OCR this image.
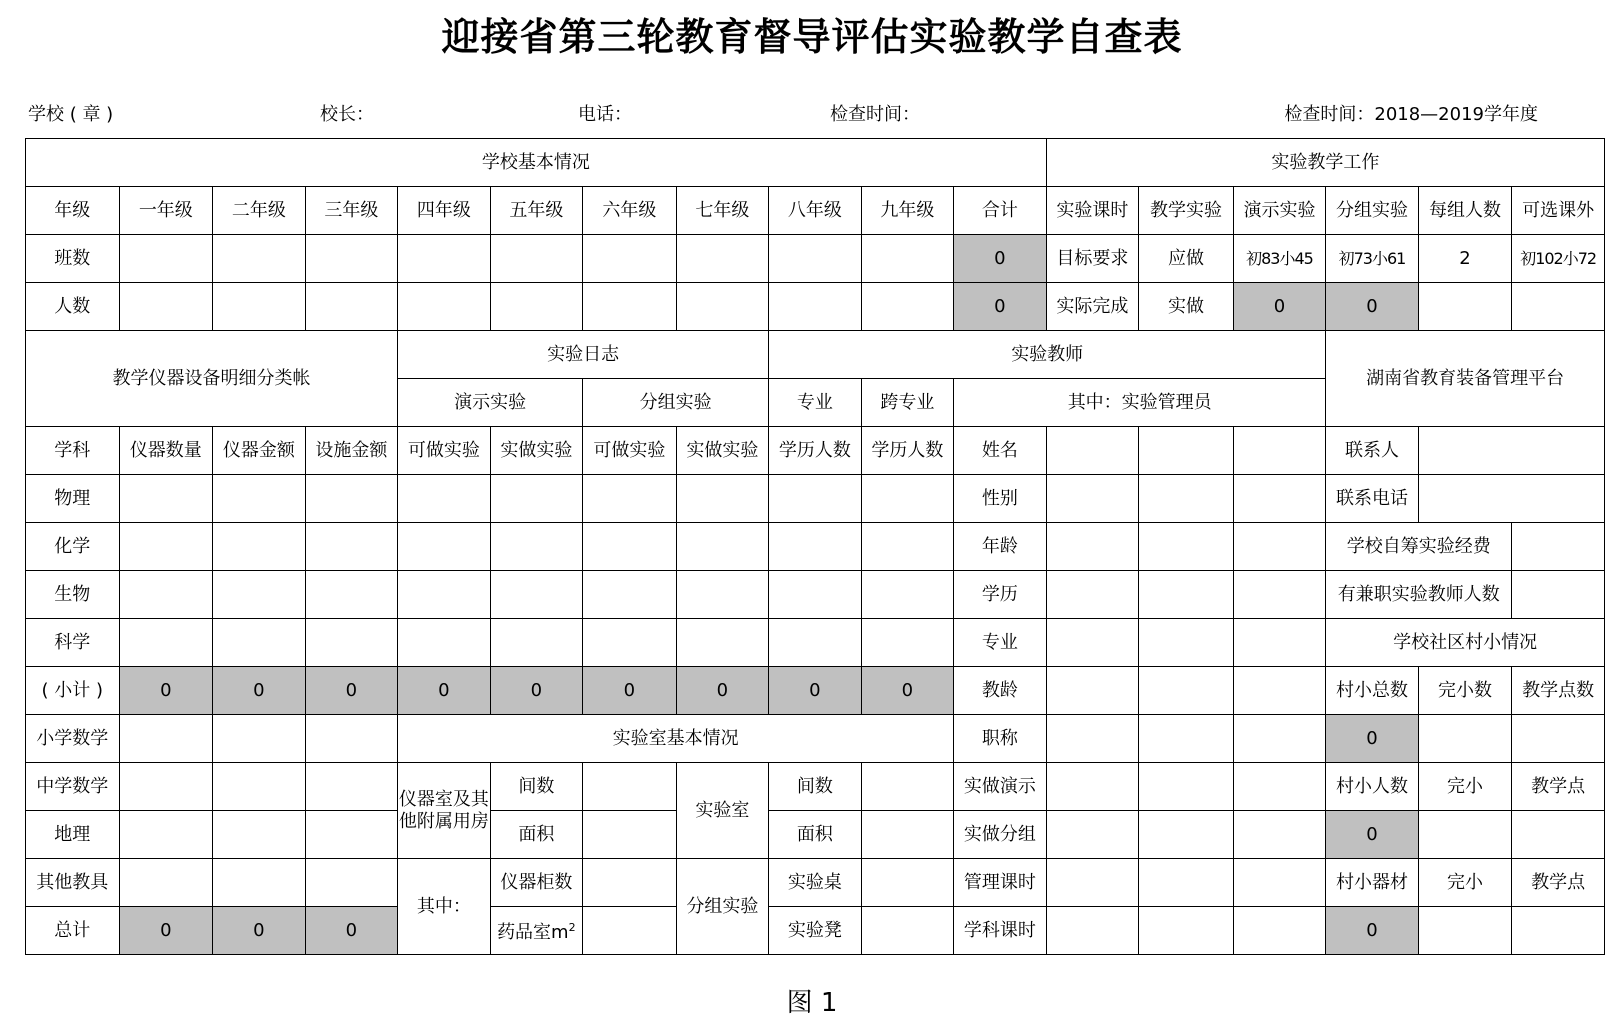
迎接省第三轮教育督导评估实验教学自查表
学校 ( 章 )	校长：	电话：	检查时间：	检查时间：2018—2019学年度
学校基本情况											实验教学工作					
年级	一年级	二年级	三年级	四年级	五年级	六年级	七年级	八年级	九年级	合计	实验课时	教学实验	演示实验	分组实验	每组人数	可选课外
班数										0	目标要求	应做	初83小45	初73小61	2	初102小72
人数										0	实际完成	实做	0	0		
教学仪器设备明细分类帐				实验日志				实验教师						湖南省教育装备管理平台		
				演示实验		分组实验		专业	跨专业	其中：实验管理员						
学科	仪器数量	仪器金额	设施金额	可做实验	实做实验	可做实验	实做实验	学历人数	学历人数	姓名				联系人		
物理										性别				联系电话		
化学										年龄				学校自筹实验经费		
生物										学历				有兼职实验教师人数		
科学										专业				学校社区村小情况		
( 小计 )	0	0	0	0	0	0	0	0	0	教龄				村小总数	完小数	教学点数
小学数学				实验室基本情况						职称				0		
中学数学				仪器室及其他附属用房	间数		实验室	间数		实做演示				村小人数	完小	教学点
地理					面积			面积		实做分组				0		
其他教具				其中：	仪器柜数		分组实验	实验桌		管理课时				村小器材	完小	教学点
总计	0	0	0		药品室$m^2$			实验凳		学科课时				0		
图 1
